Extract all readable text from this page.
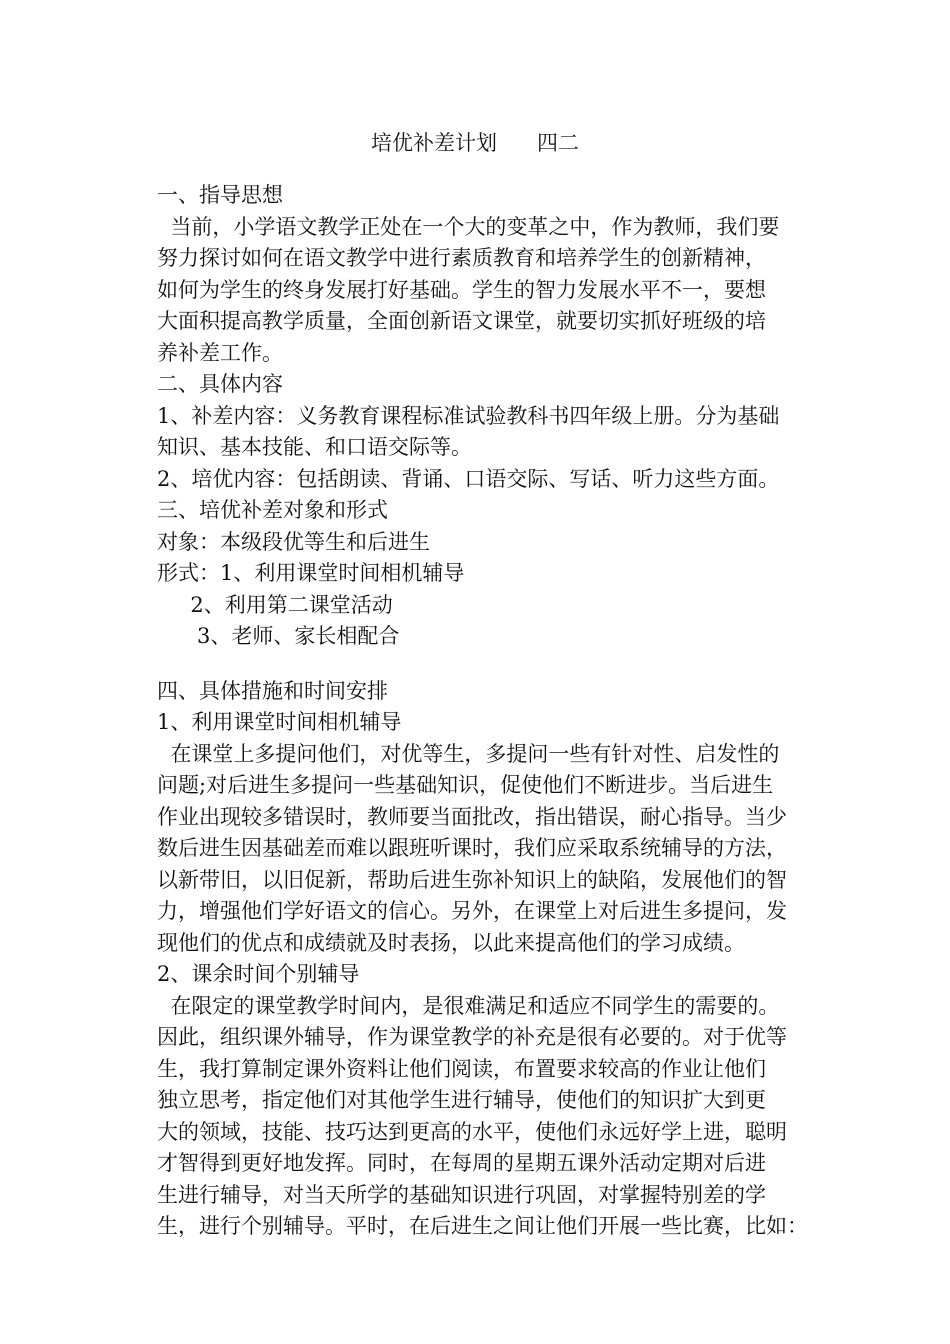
培优补差计划      四二
一、指导思想
当前，小学语文教学正处在一个大的变革之中，作为教师，我们要
努力探讨如何在语文教学中进行素质教育和培养学生的创新精神，
如何为学生的终身发展打好基础。学生的智力发展水平不一，要想
大面积提高教学质量，全面创新语文课堂，就要切实抓好班级的培
养补差工作。
二、具体内容
1、补差内容：义务教育课程标准试验教科书四年级上册。分为基础
知识、基本技能、和口语交际等。
2、培优内容：包括朗读、背诵、口语交际、写话、听力这些方面。
三、培优补差对象和形式
对象：本级段优等生和后进生
形式：1、利用课堂时间相机辅导
2、利用第二课堂活动
3、老师、家长相配合
四、具体措施和时间安排
1、利用课堂时间相机辅导
在课堂上多提问他们，对优等生，多提问一些有针对性、启发性的
问题;对后进生多提问一些基础知识，促使他们不断进步。当后进生
作业出现较多错误时，教师要当面批改，指出错误，耐心指导。当少
数后进生因基础差而难以跟班听课时，我们应采取系统辅导的方法，
以新带旧，以旧促新，帮助后进生弥补知识上的缺陷，发展他们的智
力，增强他们学好语文的信心。另外，在课堂上对后进生多提问，发
现他们的优点和成绩就及时表扬，以此来提高他们的学习成绩。
2、课余时间个别辅导
在限定的课堂教学时间内，是很难满足和适应不同学生的需要的。
因此，组织课外辅导，作为课堂教学的补充是很有必要的。对于优等
生，我打算制定课外资料让他们阅读，布置要求较高的作业让他们
独立思考，指定他们对其他学生进行辅导，使他们的知识扩大到更
大的领域，技能、技巧达到更高的水平，使他们永远好学上进，聪明
才智得到更好地发挥。同时，在每周的星期五课外活动定期对后进
生进行辅导，对当天所学的基础知识进行巩固，对掌握特别差的学
生，进行个别辅导。平时，在后进生之间让他们开展一些比赛，比如：
